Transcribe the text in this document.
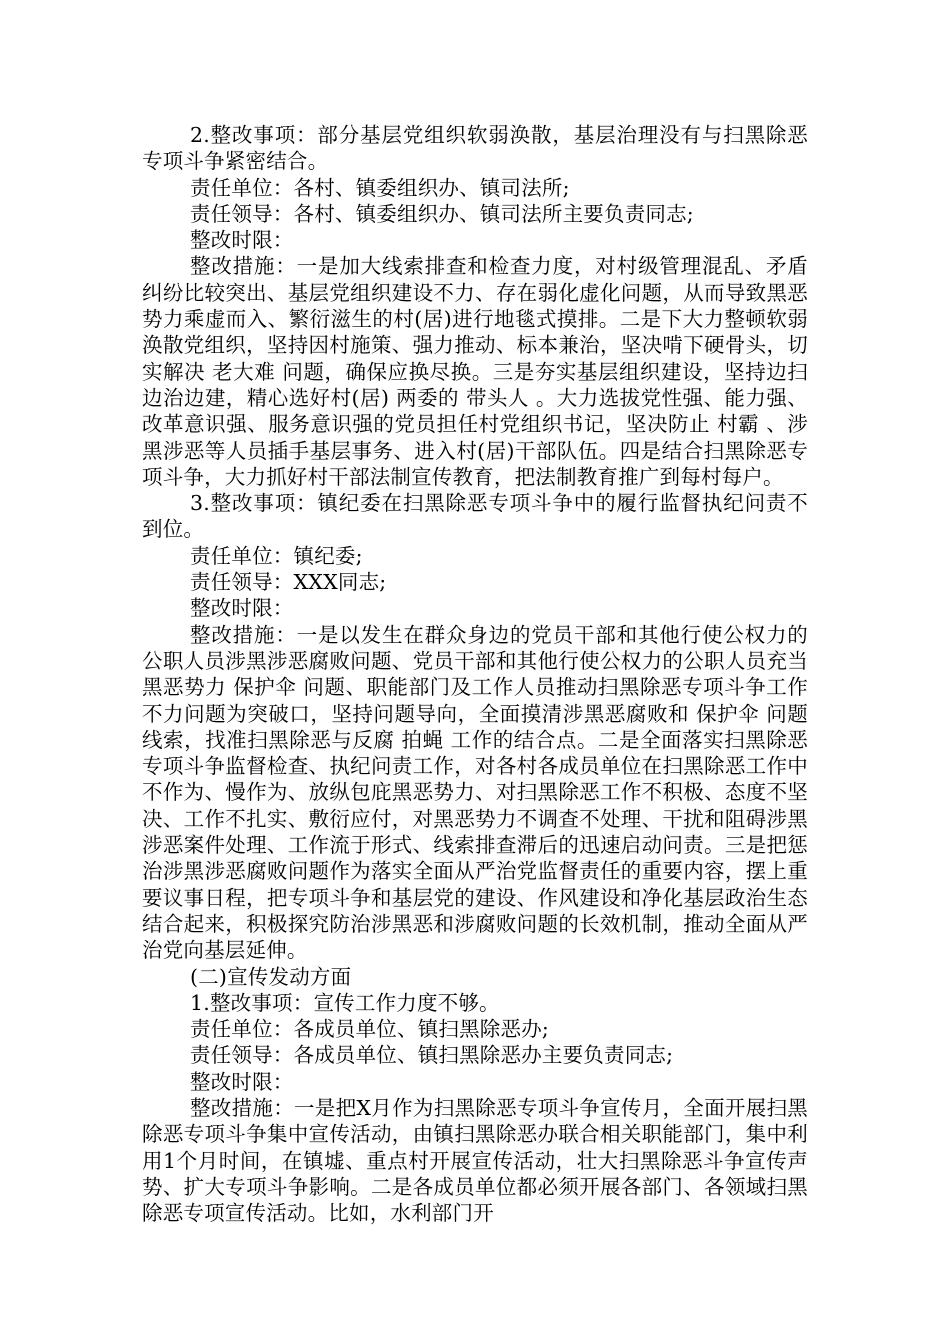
2.整改事项：部分基层党组织软弱涣散，基层治理没有与扫黑除恶专项斗争紧密结合。

责任单位：各村、镇委组织办、镇司法所;

责任领导：各村、镇委组织办、镇司法所主要负责同志;

整改时限：

整改措施：一是加大线索排查和检查力度，对村级管理混乱、矛盾纠纷比较突出、基层党组织建设不力、存在弱化虚化问题，从而导致黑恶势力乘虚而入、繁衍滋生的村(居)进行地毯式摸排。二是下大力整顿软弱涣散党组织，坚持因村施策、强力推动、标本兼治，坚决啃下硬骨头，切实解决 老大难 问题，确保应换尽换。三是夯实基层组织建设，坚持边扫边治边建，精心选好村(居) 两委的 带头人 。大力选拔党性强、能力强、改革意识强、服务意识强的党员担任村党组织书记，坚决防止 村霸 、涉黑涉恶等人员插手基层事务、进入村(居)干部队伍。四是结合扫黑除恶专项斗争，大力抓好村干部法制宣传教育，把法制教育推广到每村每户。

3.整改事项：镇纪委在扫黑除恶专项斗争中的履行监督执纪问责不到位。

责任单位：镇纪委;

责任领导：XXX同志;

整改时限：

整改措施：一是以发生在群众身边的党员干部和其他行使公权力的公职人员涉黑涉恶腐败问题、党员干部和其他行使公权力的公职人员充当黑恶势力 保护伞 问题、职能部门及工作人员推动扫黑除恶专项斗争工作不力问题为突破口，坚持问题导向，全面摸清涉黑恶腐败和 保护伞 问题线索，找准扫黑除恶与反腐 拍蝇 工作的结合点。二是全面落实扫黑除恶专项斗争监督检查、执纪问责工作，对各村各成员单位在扫黑除恶工作中不作为、慢作为、放纵包庇黑恶势力、对扫黑除恶工作不积极、态度不坚决、工作不扎实、敷衍应付，对黑恶势力不调查不处理、干扰和阻碍涉黑涉恶案件处理、工作流于形式、线索排查滞后的迅速启动问责。三是把惩治涉黑涉恶腐败问题作为落实全面从严治党监督责任的重要内容，摆上重要议事日程，把专项斗争和基层党的建设、作风建设和净化基层政治生态结合起来，积极探究防治涉黑恶和涉腐败问题的长效机制，推动全面从严治党向基层延伸。

(二)宣传发动方面

1.整改事项：宣传工作力度不够。

责任单位：各成员单位、镇扫黑除恶办;

责任领导：各成员单位、镇扫黑除恶办主要负责同志;

整改时限：

整改措施：一是把X月作为扫黑除恶专项斗争宣传月，全面开展扫黑除恶专项斗争集中宣传活动，由镇扫黑除恶办联合相关职能部门，集中利用1个月时间，在镇墟、重点村开展宣传活动，壮大扫黑除恶斗争宣传声势、扩大专项斗争影响。二是各成员单位都必须开展各部门、各领域扫黑除恶专项宣传活动。比如，水利部门开
